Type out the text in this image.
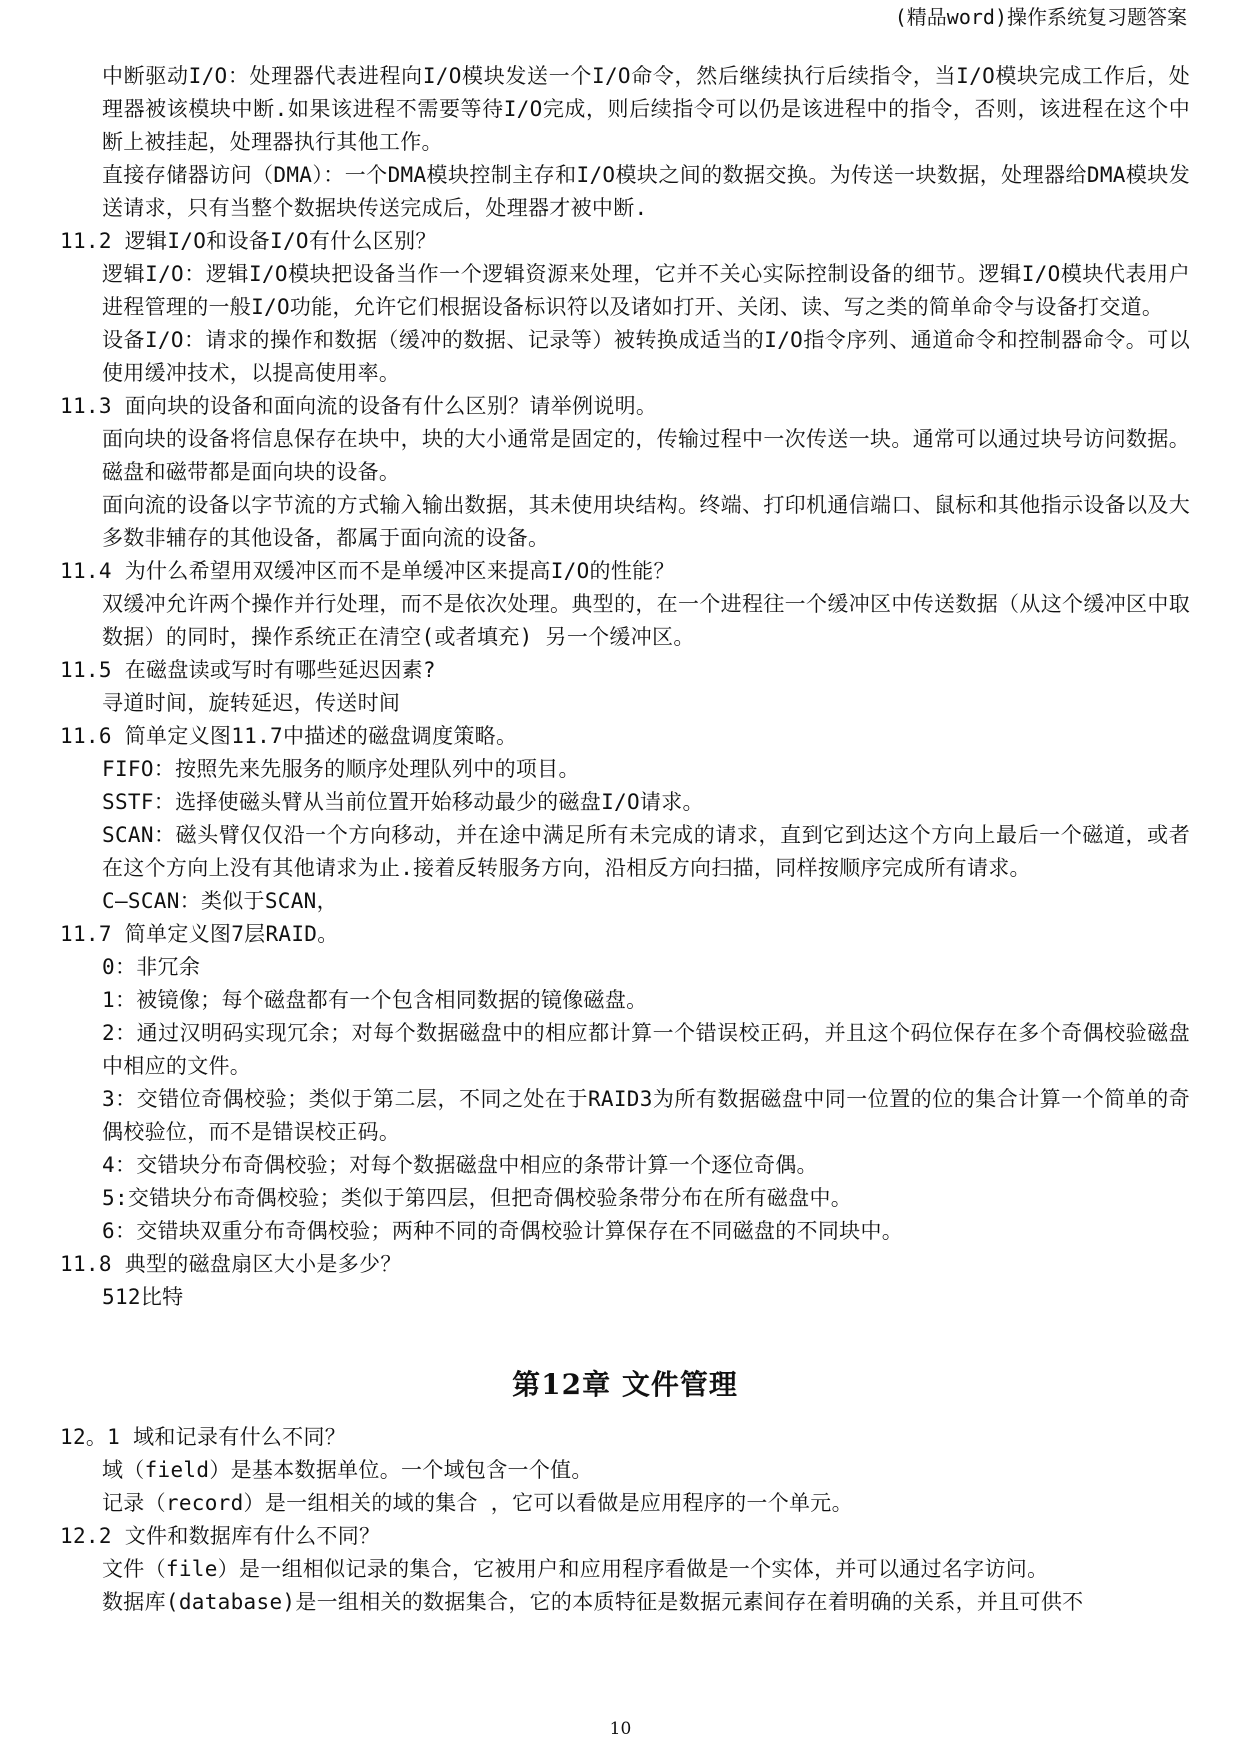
(精品word)操作系统复习题答案
中断驱动I/O：处理器代表进程向I/O模块发送一个I/O命令，然后继续执行后续指令，当I/O模块完成工作后，处理器被该模块中断.如果该进程不需要等待I/O完成，则后续指令可以仍是该进程中的指令，否则，该进程在这个中断上被挂起，处理器执行其他工作。
直接存储器访问（DMA）：一个DMA模块控制主存和I/O模块之间的数据交换。为传送一块数据，处理器给DMA模块发送请求，只有当整个数据块传送完成后，处理器才被中断.
11.2 逻辑I/O和设备I/O有什么区别？
逻辑I/O：逻辑I/O模块把设备当作一个逻辑资源来处理，它并不关心实际控制设备的细节。逻辑I/O模块代表用户进程管理的一般I/O功能，允许它们根据设备标识符以及诸如打开、关闭、读、写之类的简单命令与设备打交道。
设备I/O：请求的操作和数据（缓冲的数据、记录等）被转换成适当的I/O指令序列、通道命令和控制器命令。可以使用缓冲技术，以提高使用率。
11.3 面向块的设备和面向流的设备有什么区别？请举例说明。
面向块的设备将信息保存在块中，块的大小通常是固定的，传输过程中一次传送一块。通常可以通过块号访问数据。磁盘和磁带都是面向块的设备。
面向流的设备以字节流的方式输入输出数据，其未使用块结构。终端、打印机通信端口、鼠标和其他指示设备以及大多数非辅存的其他设备，都属于面向流的设备。
11.4 为什么希望用双缓冲区而不是单缓冲区来提高I/O的性能？
双缓冲允许两个操作并行处理，而不是依次处理。典型的，在一个进程往一个缓冲区中传送数据（从这个缓冲区中取数据）的同时，操作系统正在清空(或者填充) 另一个缓冲区。
11.5 在磁盘读或写时有哪些延迟因素?
寻道时间，旋转延迟，传送时间
11.6 简单定义图11.7中描述的磁盘调度策略。
FIFO：按照先来先服务的顺序处理队列中的项目。
SSTF：选择使磁头臂从当前位置开始移动最少的磁盘I/O请求。
SCAN：磁头臂仅仅沿一个方向移动，并在途中满足所有未完成的请求，直到它到达这个方向上最后一个磁道，或者在这个方向上没有其他请求为止.接着反转服务方向，沿相反方向扫描，同样按顺序完成所有请求。
C—SCAN：类似于SCAN，
11.7 简单定义图7层RAID。
0：非冗余
1：被镜像；每个磁盘都有一个包含相同数据的镜像磁盘。
2：通过汉明码实现冗余；对每个数据磁盘中的相应都计算一个错误校正码，并且这个码位保存在多个奇偶校验磁盘中相应的文件。
3：交错位奇偶校验；类似于第二层，不同之处在于RAID3为所有数据磁盘中同一位置的位的集合计算一个简单的奇偶校验位，而不是错误校正码。
4：交错块分布奇偶校验；对每个数据磁盘中相应的条带计算一个逐位奇偶。
5:交错块分布奇偶校验；类似于第四层，但把奇偶校验条带分布在所有磁盘中。
6：交错块双重分布奇偶校验；两种不同的奇偶校验计算保存在不同磁盘的不同块中。
11.8 典型的磁盘扇区大小是多少？
512比特
第12章 文件管理
12。1 域和记录有什么不同？
域（field）是基本数据单位。一个域包含一个值。
记录（record）是一组相关的域的集合 ，它可以看做是应用程序的一个单元。
12.2 文件和数据库有什么不同？
文件（file）是一组相似记录的集合，它被用户和应用程序看做是一个实体，并可以通过名字访问。
数据库(database)是一组相关的数据集合，它的本质特征是数据元素间存在着明确的关系，并且可供不
10
